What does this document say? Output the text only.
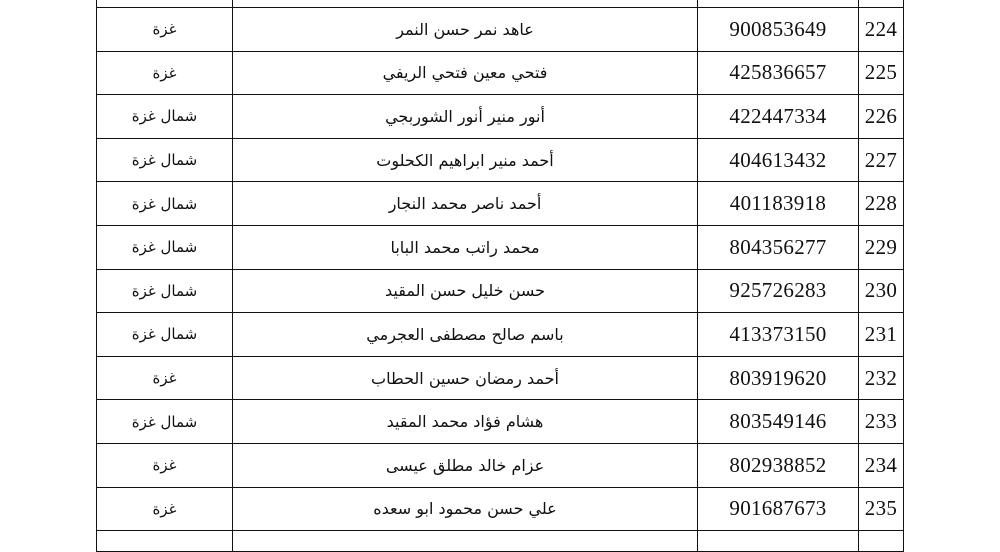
224	900853649	عاهد نمر حسن النمر	غزة
225	425836657	فتحي معين فتحي الريفي	غزة
226	422447334	أنور منير أنور الشوربجي	شمال غزة
227	404613432	أحمد منير ابراهيم الكحلوت	شمال غزة
228	401183918	أحمد ناصر محمد النجار	شمال غزة
229	804356277	محمد راتب محمد البابا	شمال غزة
230	925726283	حسن خليل حسن المقيد	شمال غزة
231	413373150	باسم صالح مصطفى العجرمي	شمال غزة
232	803919620	أحمد رمضان حسين الحطاب	غزة
233	803549146	هشام فؤاد محمد المقيد	شمال غزة
234	802938852	عزام خالد مطلق عيسى	غزة
235	901687673	علي حسن محمود ابو سعده	غزة
